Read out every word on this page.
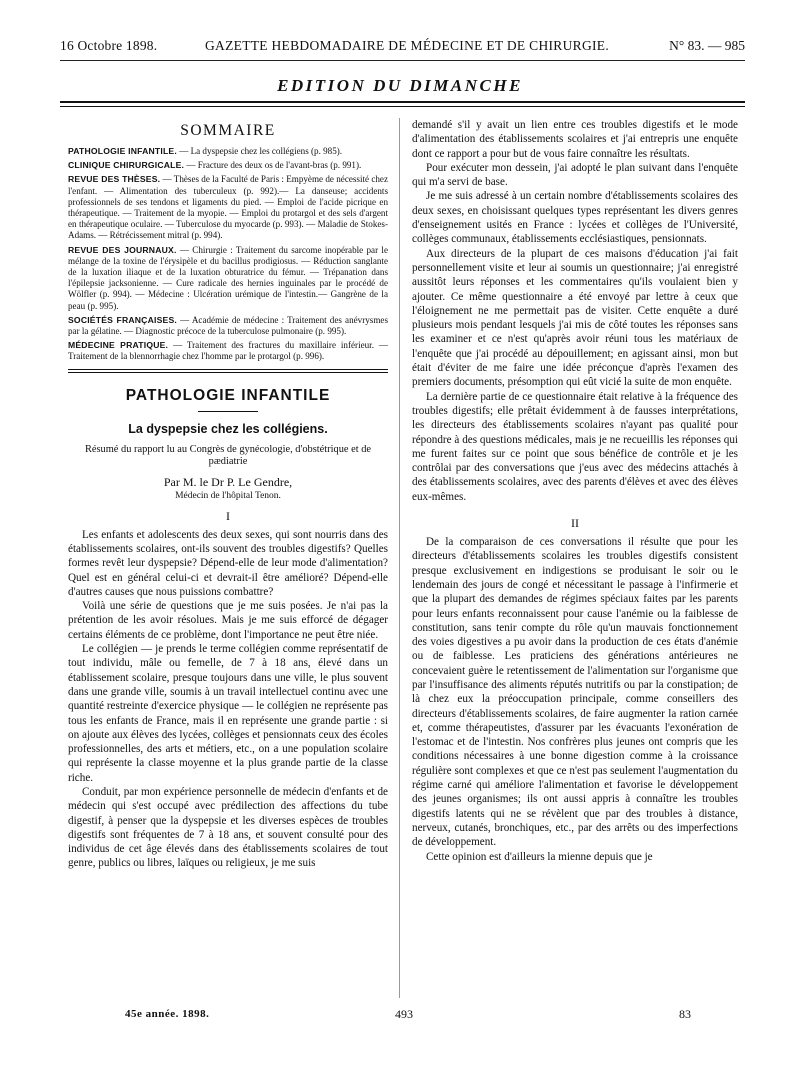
16 Octobre 1898.	GAZETTE HEBDOMADAIRE DE MÉDECINE ET DE CHIRURGIE.	N° 83. — 985
EDITION DU DIMANCHE
SOMMAIRE

PATHOLOGIE INFANTILE. — La dyspepsie chez les collégiens (p. 985).

CLINIQUE CHIRURGICALE. — Fracture des deux os de l'avant-bras (p. 991).

REVUE DES THÈSES. — Thèses de la Faculté de Paris : Empyème de nécessité chez l'enfant. — Alimentation des tuberculeux (p. 992).— La danseuse; accidents professionnels de ses tendons et ligaments du pied. — Emploi de l'acide picrique en thérapeutique. — Traitement de la myopie. — Emploi du protargol et des sels d'argent en thérapeutique oculaire. — Tuberculose du myocarde (p. 993). — Maladie de Stokes-Adams. — Rétrécissement mitral (p. 994).

REVUE DES JOURNAUX. — Chirurgie : Traitement du sarcome inopérable par le mélange de la toxine de l'érysipèle et du bacillus prodigiosus. — Réduction sanglante de la luxation iliaque et de la luxation obturatrice du fémur. — Trépanation dans l'épilepsie jacksonienne. — Cure radicale des hernies inguinales par le procédé de Wölfler (p. 994). — Médecine : Ulcération urémique de l'intestin.— Gangrène de la peau (p. 995).

SOCIÉTÉS FRANÇAISES. — Académie de médecine : Traitement des anévrysmes par la gélatine. — Diagnostic précoce de la tuberculose pulmonaire (p. 995).

MÉDECINE PRATIQUE. — Traitement des fractures du maxillaire inférieur. — Traitement de la blennorrhagie chez l'homme par le protargol (p. 996).

PATHOLOGIE INFANTILE
La dyspepsie chez les collégiens.
Résumé du rapport lu au Congrès de gynécologie, d'obstétrique et de pædiatrie
Par M. le Dr P. Le Gendre,
Médecin de l'hôpital Tenon.
I

Les enfants et adolescents des deux sexes, qui sont nourris dans des établissements scolaires, ont-ils souvent des troubles digestifs? Quelles formes revêt leur dyspepsie? Dépend-elle de leur mode d'alimentation? Quel est en général celui-ci et devrait-il être amélioré? Dépend-elle d'autres causes que nous puissions combattre?

Voilà une série de questions que je me suis posées. Je n'ai pas la prétention de les avoir résolues. Mais je me suis efforcé de dégager certains éléments de ce problème, dont l'importance ne peut être niée.

Le collégien — je prends le terme collégien comme représentatif de tout individu, mâle ou femelle, de 7 à 18 ans, élevé dans un établissement scolaire, presque toujours dans une ville, le plus souvent dans une grande ville, soumis à un travail intellectuel continu avec une quantité restreinte d'exercice physique — le collégien ne représente pas tous les enfants de France, mais il en représente une grande partie : si on ajoute aux élèves des lycées, collèges et pensionnats ceux des écoles professionnelles, des arts et métiers, etc., on a une population scolaire qui représente la classe moyenne et la plus grande partie de la classe riche.

Conduit, par mon expérience personnelle de médecin d'enfants et de médecin qui s'est occupé avec prédilection des affections du tube digestif, à penser que la dyspepsie et les diverses espèces de troubles digestifs sont fréquentes de 7 à 18 ans, et souvent consulté pour des individus de cet âge élevés dans des établissements scolaires de tout genre, publics ou libres, laïques ou religieux, je me suis

demandé s'il y avait un lien entre ces troubles digestifs et le mode d'alimentation des établissements scolaires et j'ai entrepris une enquête dont ce rapport a pour but de vous faire connaître les résultats.

Pour exécuter mon dessein, j'ai adopté le plan suivant dans l'enquête qui m'a servi de base.

Je me suis adressé à un certain nombre d'établissements scolaires des deux sexes, en choisissant quelques types représentant les divers genres d'enseignement usités en France : lycées et collèges de l'Université, collèges communaux, établissements ecclésiastiques, pensionnats.

Aux directeurs de la plupart de ces maisons d'éducation j'ai fait personnellement visite et leur ai soumis un questionnaire; j'ai enregistré aussitôt leurs réponses et les commentaires qu'ils voulaient bien y ajouter. Ce même questionnaire a été envoyé par lettre à ceux que l'éloignement ne me permettait pas de visiter. Cette enquête a duré plusieurs mois pendant lesquels j'ai mis de côté toutes les réponses sans les examiner et ce n'est qu'après avoir réuni tous les matériaux de l'enquête que j'ai procédé au dépouillement; en agissant ainsi, mon but était d'éviter de me faire une idée préconçue d'après l'examen des premiers documents, présomption qui eût vicié la suite de mon enquête.

La dernière partie de ce questionnaire était relative à la fréquence des troubles digestifs; elle prêtait évidemment à de fausses interprétations, les directeurs des établissements scolaires n'ayant pas qualité pour répondre à des questions médicales, mais je ne recueillis les réponses qui me furent faites sur ce point que sous bénéfice de contrôle et je les contrôlai par des conversations que j'eus avec des médecins attachés à des établissements scolaires, avec des parents d'élèves et avec des élèves eux-mêmes.

II

De la comparaison de ces conversations il résulte que pour les directeurs d'établissements scolaires les troubles digestifs consistent presque exclusivement en indigestions se produisant le soir ou le lendemain des jours de congé et nécessitant le passage à l'infirmerie et que la plupart des demandes de régimes spéciaux faites par les parents pour leurs enfants reconnaissent pour cause l'anémie ou la faiblesse de constitution, sans tenir compte du rôle qu'un mauvais fonctionnement des voies digestives a pu avoir dans la production de ces états d'anémie ou de faiblesse. Les praticiens des générations antérieures ne concevaient guère le retentissement de l'alimentation sur l'organisme que par l'insuffisance des aliments réputés nutritifs ou par la constipation; de là chez eux la préoccupation principale, comme conseillers des directeurs d'établissements scolaires, de faire augmenter la ration carnée et, comme thérapeutistes, d'assurer par les évacuants l'exonération de l'estomac et de l'intestin. Nos confrères plus jeunes ont compris que les conditions nécessaires à une bonne digestion comme à la croissance régulière sont complexes et que ce n'est pas seulement l'augmentation du régime carné qui améliore l'alimentation et favorise le développement des jeunes organismes; ils ont aussi appris à connaître les troubles digestifs latents qui ne se révèlent que par des troubles à distance, nerveux, cutanés, bronchiques, etc., par des arrêts ou des imperfections de développement.

Cette opinion est d'ailleurs la mienne depuis que je

45e année. 1898.	493	83
